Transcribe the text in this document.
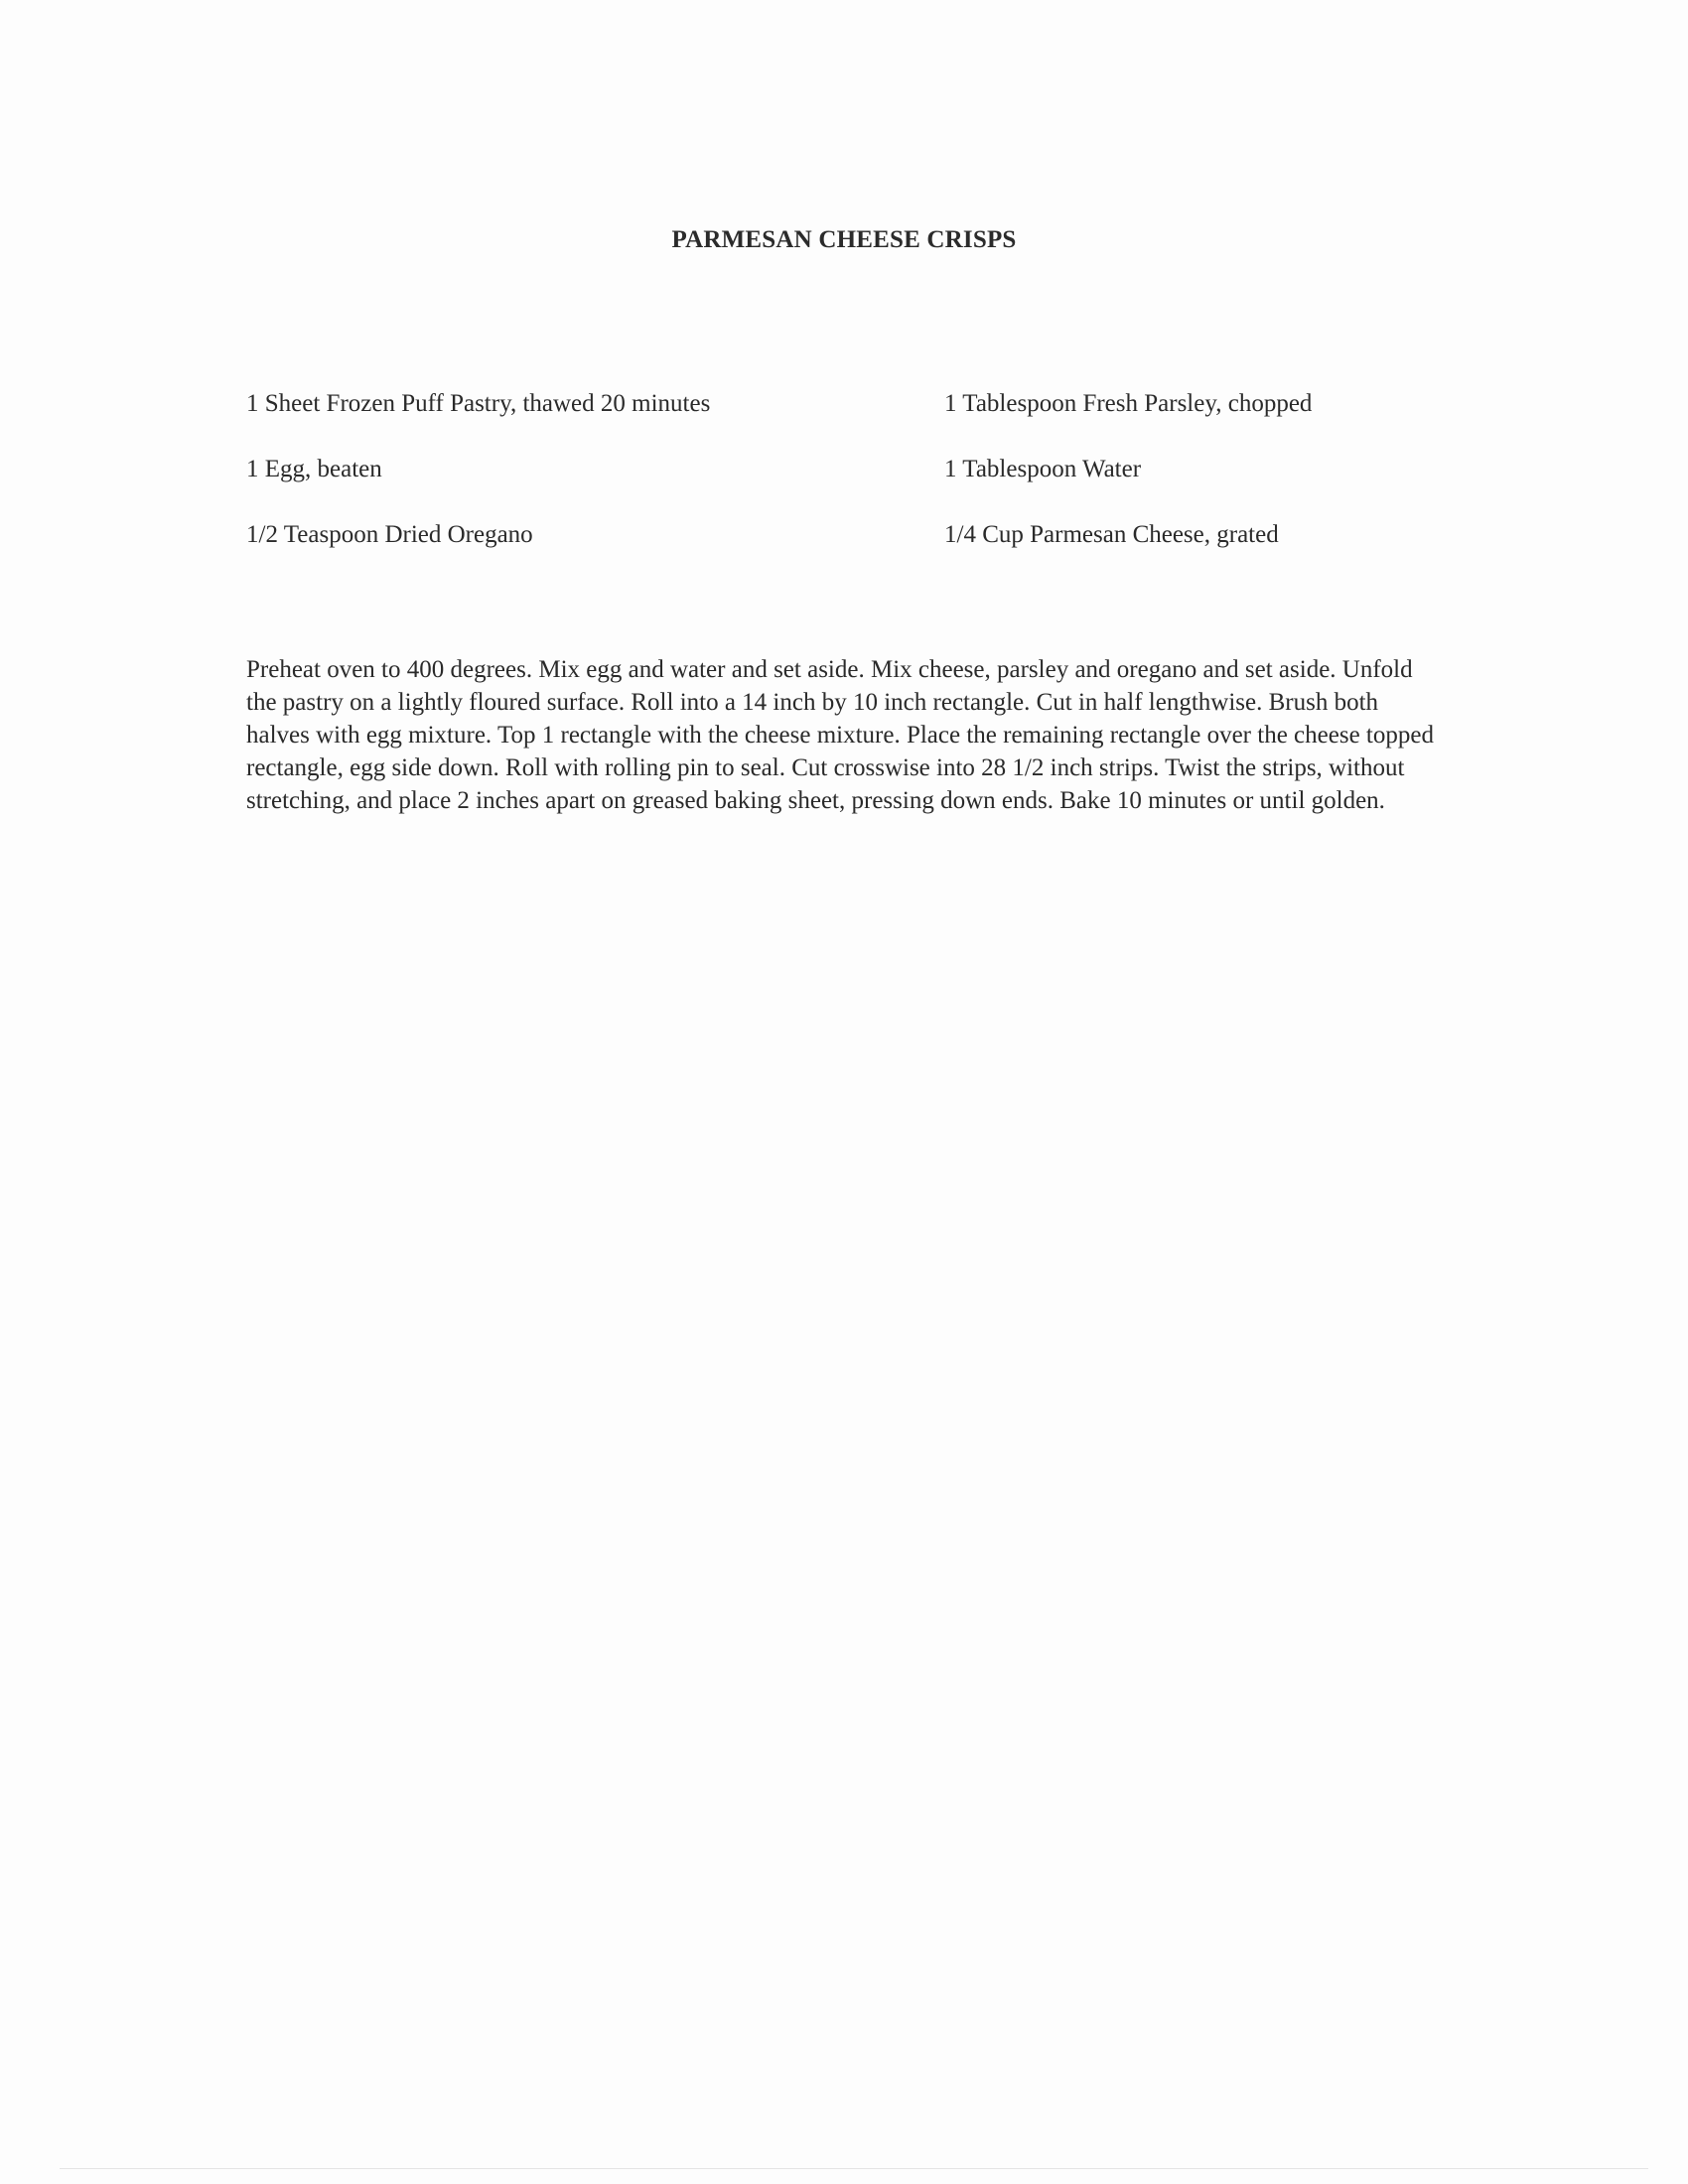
PARMESAN CHEESE CRISPS
1 Sheet Frozen Puff Pastry, thawed 20 minutes
1 Egg, beaten
1/2 Teaspoon Dried Oregano
1 Tablespoon Fresh Parsley, chopped
1 Tablespoon Water
1/4 Cup Parmesan Cheese, grated
Preheat oven to 400 degrees. Mix egg and water and set aside. Mix cheese, parsley and oregano and set aside. Unfold the pastry on a lightly floured surface. Roll into a 14 inch by 10 inch rectangle. Cut in half lengthwise. Brush both halves with egg mixture. Top 1 rectangle with the cheese mixture. Place the remaining rectangle over the cheese topped rectangle, egg side down. Roll with rolling pin to seal. Cut crosswise into 28 1/2 inch strips. Twist the strips, without stretching, and place 2 inches apart on greased baking sheet, pressing down ends. Bake 10 minutes or until golden.
